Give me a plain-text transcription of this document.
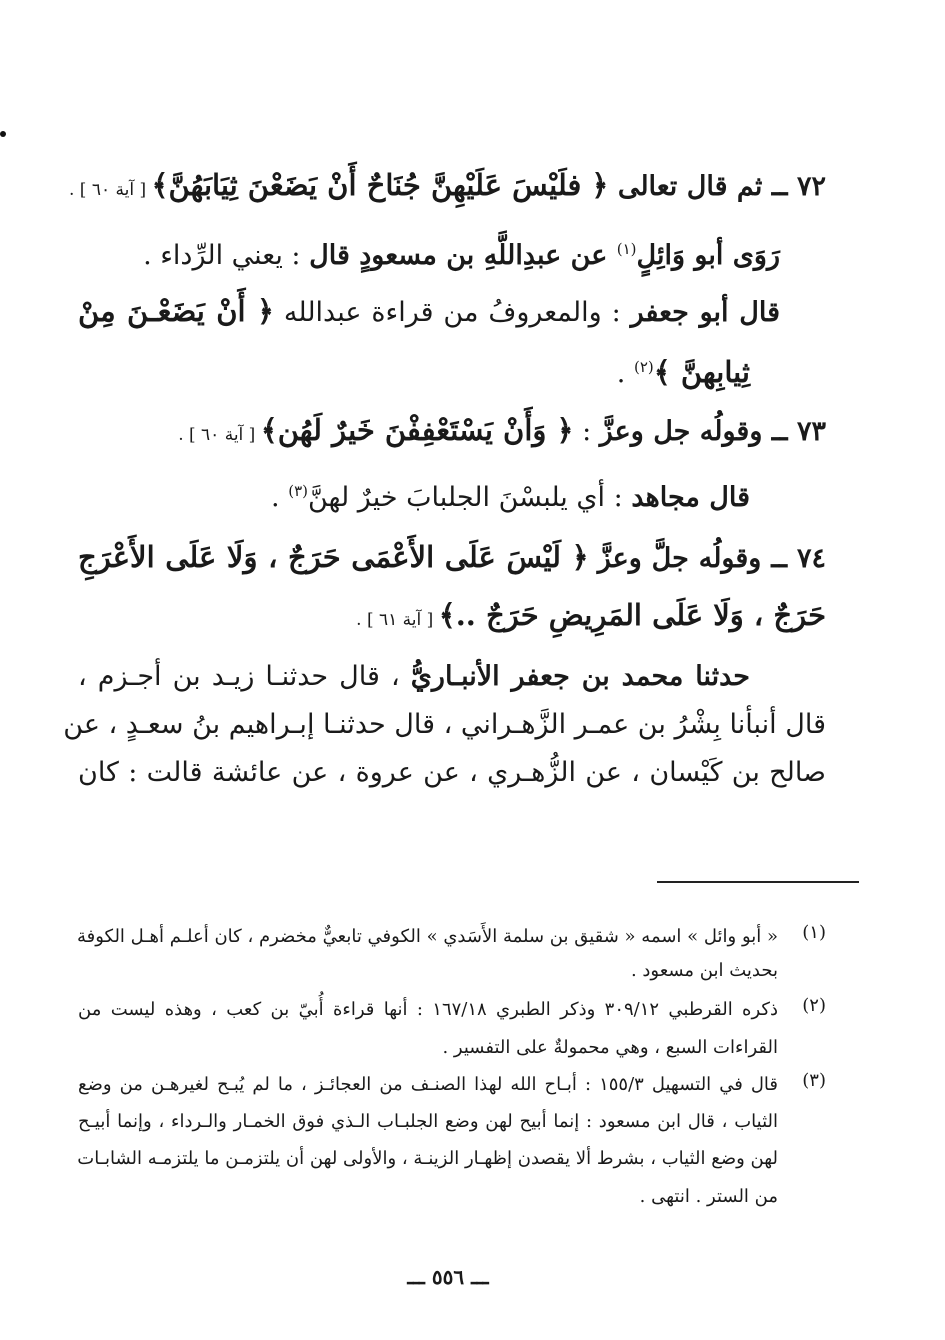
٧٢ ــ ثم قال تعالى ﴿ فلَيْسَ عَلَيْهِنَّ جُنَاحٌ أَنْ يَضَعْنَ ثِيَابَهُنَّ﴾ [ آية ٦٠ ] .
رَوَى أبو وَائِلٍ$^{(١)}$ عن عبدِاللَّهِ بن مسعودٍ قال : يعني الرِّداء .
قال أبو جعفر : والمعروفُ من قراءة عبدالله ﴿ أَنْ يَضَعْـنَ مِنْ
ثِيابِهنَّ ﴾$^{(٢)}$ .
٧٣ ــ وقولُه جل وعزَّ : ﴿ وَأَنْ يَسْتَعْفِفْنَ خَيرٌ لَهُن﴾ [ آية ٦٠ ] .
قال مجاهد : أي يلبسْنَ الجلبابَ خيرٌ لهنَّ$^{(٣)}$ .
٧٤ ــ وقولُه جلَّ وعزَّ ﴿ لَيْسَ عَلَى الأَعْمَى حَرَجٌ ، وَلَا عَلَى الأَعْرَجِ
حَرَجٌ ، وَلَا عَلَى المَرِيضِ حَرَجٌ ..﴾ [ آية ٦١ ] .
حدثنا محمد بن جعفر الأنبـاريُّ ، قال حدثنـا زيـد بن أجـزم ،
قال أنبأنا بِشْرُ بن عمـر الزَّهـراني ، قال حدثنـا إبـراهيم بنُ سعـدٍ ، عن
صالح بن كَيْسان ، عن الزُّهـري ، عن عروة ، عن عائشة قالت : كان
(١)
« أبو وائل » اسمه « شقيق بن سلمة الأَسَدي » الكوفي تابعيٌّ مخضرم ، كان أعلـم أهـل الكوفة
بحديث ابن مسعود .
(٢)
ذكره القرطبي ٣٠٩/١٢ وذكر الطبري ١٦٧/١٨ : أنها قراءة أُبيّ بن كعب ، وهذه ليست من
القراءات السبع ، وهي محمولةٌ على التفسير .
(٣)
قال في التسهيل ١٥٥/٣ : أبـاح الله لهذا الصنـف من العجائـز ، ما لم يُبـح لغيرهـن من وضع
الثياب ، قال ابن مسعود : إنما أبيح لهن وضع الجلبـاب الـذي فوق الخمـار والـرداء ، وإنما أبيـح
لهن وضع الثياب ، بشرط ألا يقصدن إظهـار الزينـة ، والأولى لهن أن يلتزمـن ما يلتزمـه الشابـات
من الستر . انتهى .
ـــ ٥٥٦ ـــ
